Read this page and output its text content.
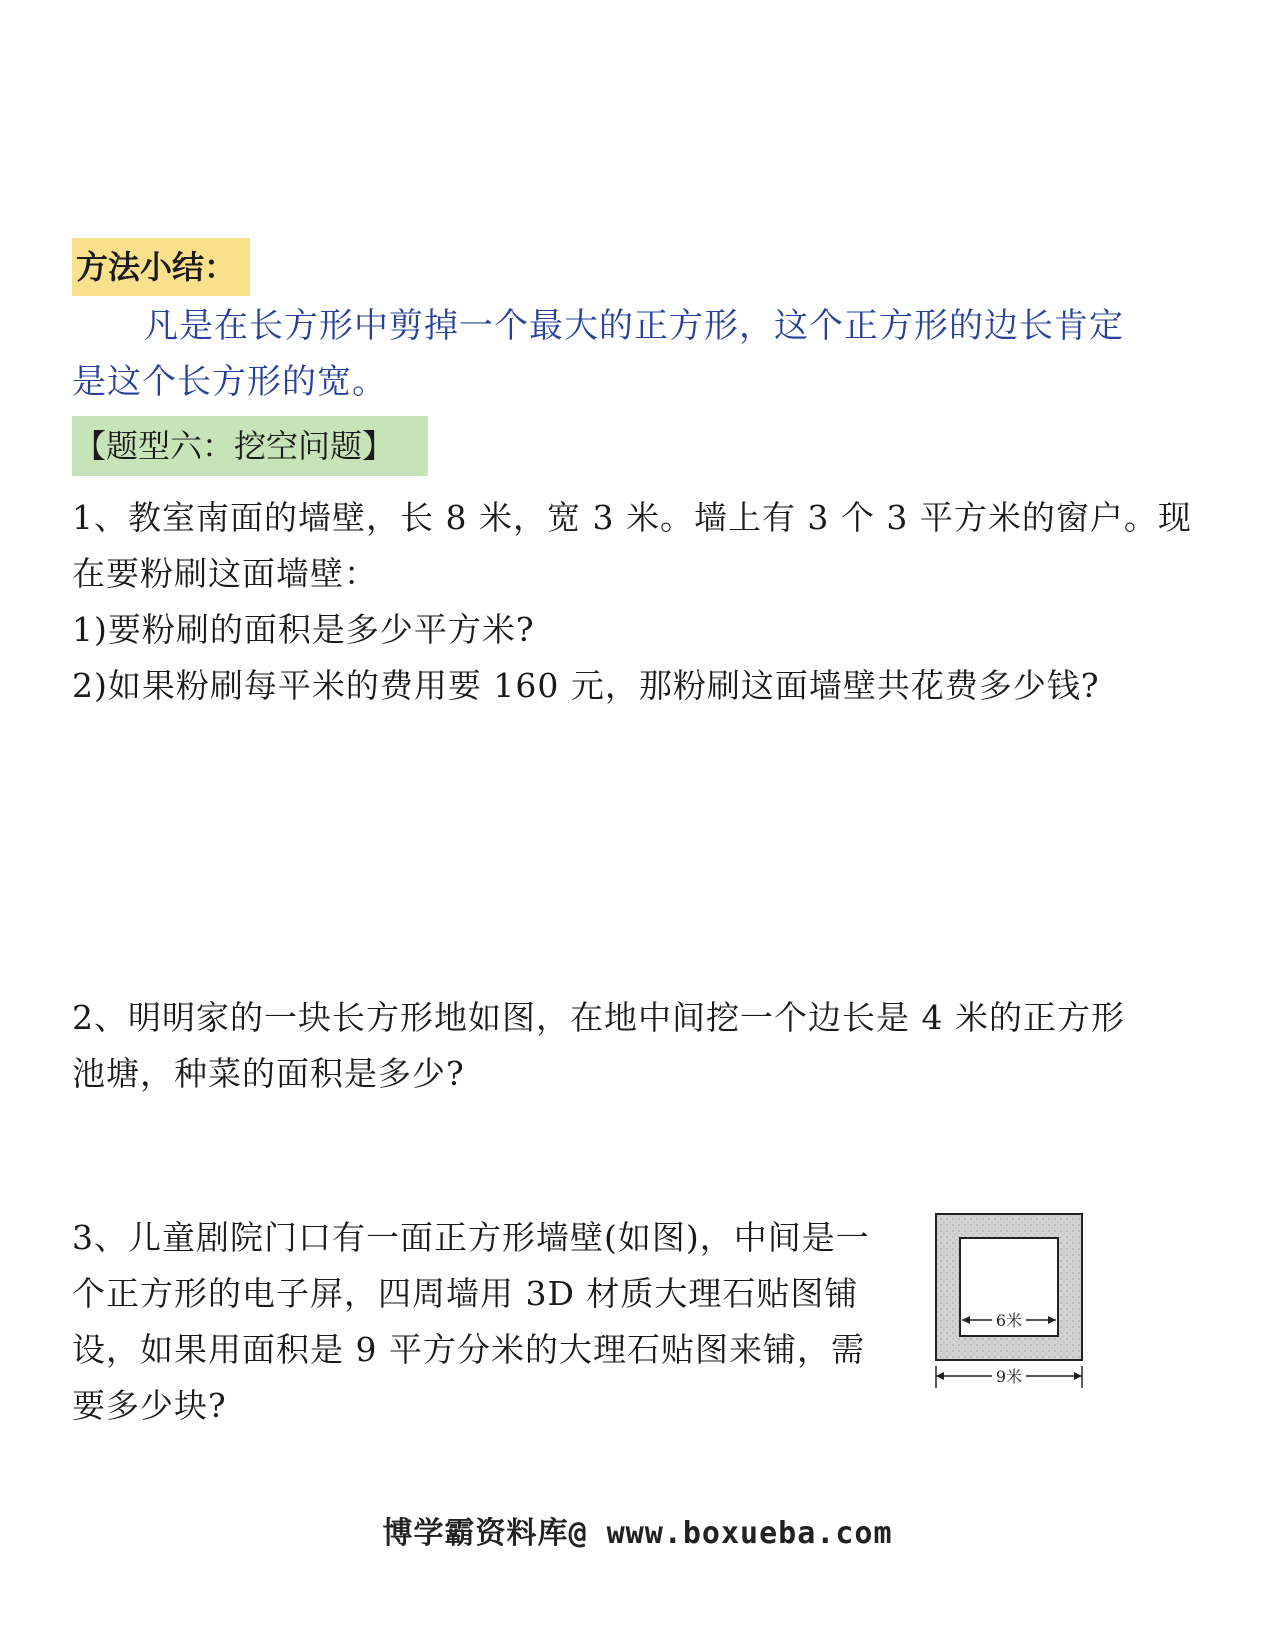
方法小结：
凡是在长方形中剪掉一个最大的正方形，这个正方形的边长肯定是这个长方形的宽。
【题型六：挖空问题】
1、教室南面的墙壁，长 8 米，宽 3 米。墙上有 3 个 3 平方米的窗户。现在要粉刷这面墙壁：
1)要粉刷的面积是多少平方米?
2)如果粉刷每平米的费用要 160 元，那粉刷这面墙壁共花费多少钱?
2、明明家的一块长方形地如图，在地中间挖一个边长是 4 米的正方形池塘，种菜的面积是多少?
3、儿童剧院门口有一面正方形墙壁(如图)，中间是一个正方形的电子屏，四周墙用 3D 材质大理石贴图铺设，如果用面积是 9 平方分米的大理石贴图来铺，需要多少块?
6米
9米
博学霸资料库@ www.boxueba.com
